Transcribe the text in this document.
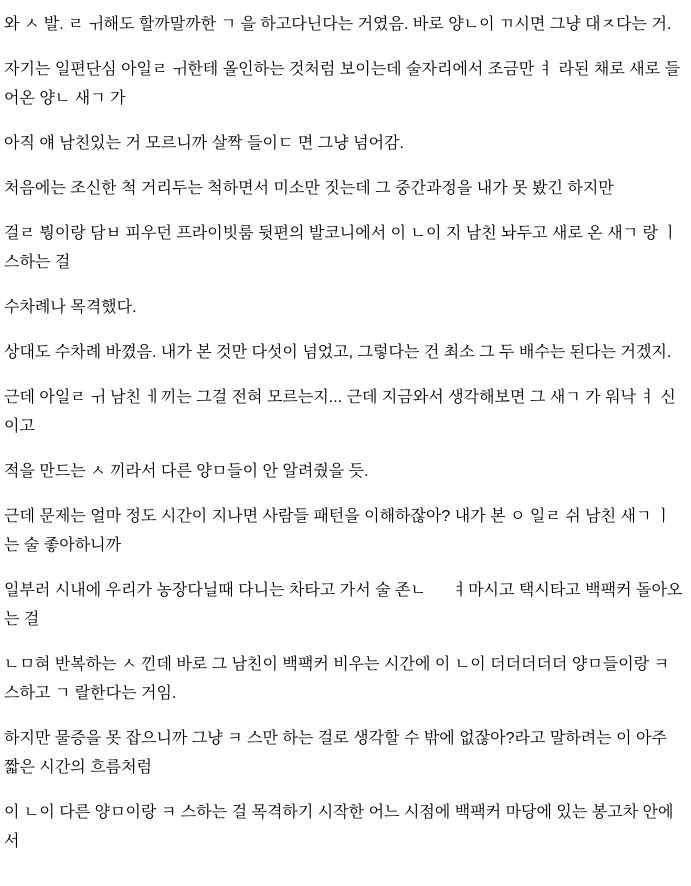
와 ㅅ 발. ㄹ ㅟ해도 할까말까한 ㄱ 을 하고다닌다는 거였음. 바로 양ㄴ이 ㄲ시면 그냥 대ㅈ다는 거.

자기는 일편단심 아일ㄹ ㅟ한테 올인하는 것처럼 보이는데 술자리에서 조금만 ㅕ 라된 채로 새로 들어온 양ㄴ 새ㄱ 가

아직 얘 남친있는 거 모르니까 살짝 들이ㄷ 면 그냥 넘어감.

처음에는 조신한 척 거리두는 척하면서 미소만 짓는데 그 중간과정을 내가 못 봤긴 하지만

걸ㄹ 붱이랑 담ㅂ 피우던 프라이빗룸 뒷편의 발코니에서 이 ㄴ이 지 남친 놔두고 새로 온 새ㄱ 랑 ㅣ스하는 걸

수차례나 목격했다.

상대도 수차례 바꼈음. 내가 본 것만 다섯이 넘었고, 그렇다는 건 최소 그 두 배수는 된다는 거겠지.

근데 아일ㄹ ㅟ 남친 ㅔ끼는 그걸 전혀 모르는지... 근데 지금와서 생각해보면 그 새ㄱ 가 워낙 ㅕ 신이고

적을 만드는 ㅅ 끼라서 다른 양ㅁ들이 안 알려줬을 듯.

근데 문제는 얼마 정도 시간이 지나면 사람들 패턴을 이해하잖아? 내가 본 ㅇ 일ㄹ 쉬 남친 새ㄱ ㅣ는 술 좋아하니까

일부러 시내에 우리가 농장다닐때 다니는 차타고 가서 술 존ㄴ      ㅕ마시고 택시타고 백팩커 돌아오는 걸

ㄴㅁ혀 반복하는 ㅅ 낀데 바로 그 남친이 백팩커 비우는 시간에 이 ㄴ이 더더더더더 양ㅁ들이랑 ㅋ 스하고 ㄱ 랄한다는 거임.

하지만 물증을 못 잡으니까 그냥 ㅋ 스만 하는 걸로 생각할 수 밖에 없잖아?라고 말하려는 이 아주 짧은 시간의 흐름처럼

이 ㄴ이 다른 양ㅁ이랑 ㅋ 스하는 걸 목격하기 시작한 어느 시점에 백팩커 마당에 있는 봉고차 안에서
